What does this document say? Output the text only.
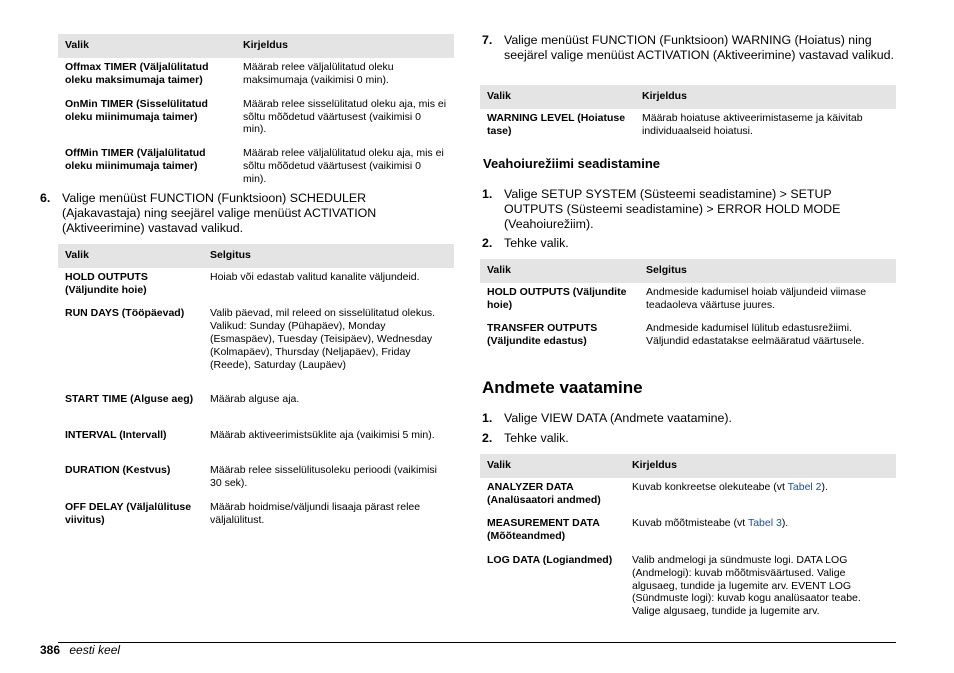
Valik	Kirjeldus
Offmax TIMER (Väljalülitatud oleku maksimumaja taimer)	Määrab relee väljalülitatud oleku maksimumaja (vaikimisi 0 min).
OnMin TIMER (Sisselülitatud oleku miinimumaja taimer)	Määrab relee sisselülitatud oleku aja, mis ei sõltu mõõdetud väärtusest (vaikimisi 0 min).
OffMin TIMER (Väljalülitatud oleku miinimumaja taimer)	Määrab relee väljalülitatud oleku aja, mis ei sõltu mõõdetud väärtusest (vaikimisi 0 min).
6. Valige menüüst FUNCTION (Funktsioon) SCHEDULER (Ajakavastaja) ning seejärel valige menüüst ACTIVATION (Aktiveerimine) vastavad valikud.
Valik	Selgitus
HOLD OUTPUTS (Väljundite hoie)	Hoiab või edastab valitud kanalite väljundeid.
RUN DAYS (Tööpäevad)	Valib päevad, mil releed on sisselülitatud olekus. Valikud: Sunday (Pühapäev), Monday (Esmaspäev), Tuesday (Teisipäev), Wednesday (Kolmapäev), Thursday (Neljapäev), Friday (Reede), Saturday (Laupäev)
START TIME (Alguse aeg)	Määrab alguse aja.
INTERVAL (Intervall)	Määrab aktiveerimistsüklite aja (vaikimisi 5 min).
DURATION (Kestvus)	Määrab relee sisselülitusoleku perioodi (vaikimisi 30 sek).
OFF DELAY (Väljalülituse viivitus)	Määrab hoidmise/väljundi lisaaja pärast relee väljalülitust.
7. Valige menüüst FUNCTION (Funktsioon) WARNING (Hoiatus) ning seejärel valige menüüst ACTIVATION (Aktiveerimine) vastavad valikud.
Valik	Kirjeldus
WARNING LEVEL (Hoiatuse tase)	Määrab hoiatuse aktiveerimistaseme ja käivitab individuaalseid hoiatusi.
Veahoiurežiimi seadistamine
1. Valige SETUP SYSTEM (Süsteemi seadistamine) > SETUP OUTPUTS (Süsteemi seadistamine) > ERROR HOLD MODE (Veahoiurežiim).
2. Tehke valik.
Valik	Selgitus
HOLD OUTPUTS (Väljundite hoie)	Andmeside kadumisel hoiab väljundeid viimase teadaoleva väärtuse juures.
TRANSFER OUTPUTS (Väljundite edastus)	Andmeside kadumisel lülitub edastusrežiimi. Väljundid edastatakse eelmääratud väärtusele.
Andmete vaatamine
1. Valige VIEW DATA (Andmete vaatamine).
2. Tehke valik.
Valik	Kirjeldus
ANALYZER DATA (Analüsaatori andmed)	Kuvab konkreetse olekuteabe (vt Tabel 2).
MEASUREMENT DATA (Mõõteandmed)	Kuvab mõõtmisteabe (vt Tabel 3).
LOG DATA (Logiandmed)	Valib andmelogi ja sündmuste logi. DATA LOG (Andmelogi): kuvab mõõtmisväärtused. Valige algusaeg, tundide ja lugemite arv. EVENT LOG (Sündmuste logi): kuvab kogu analüsaator teabe. Valige algusaeg, tundide ja lugemite arv.
386 eesti keel
